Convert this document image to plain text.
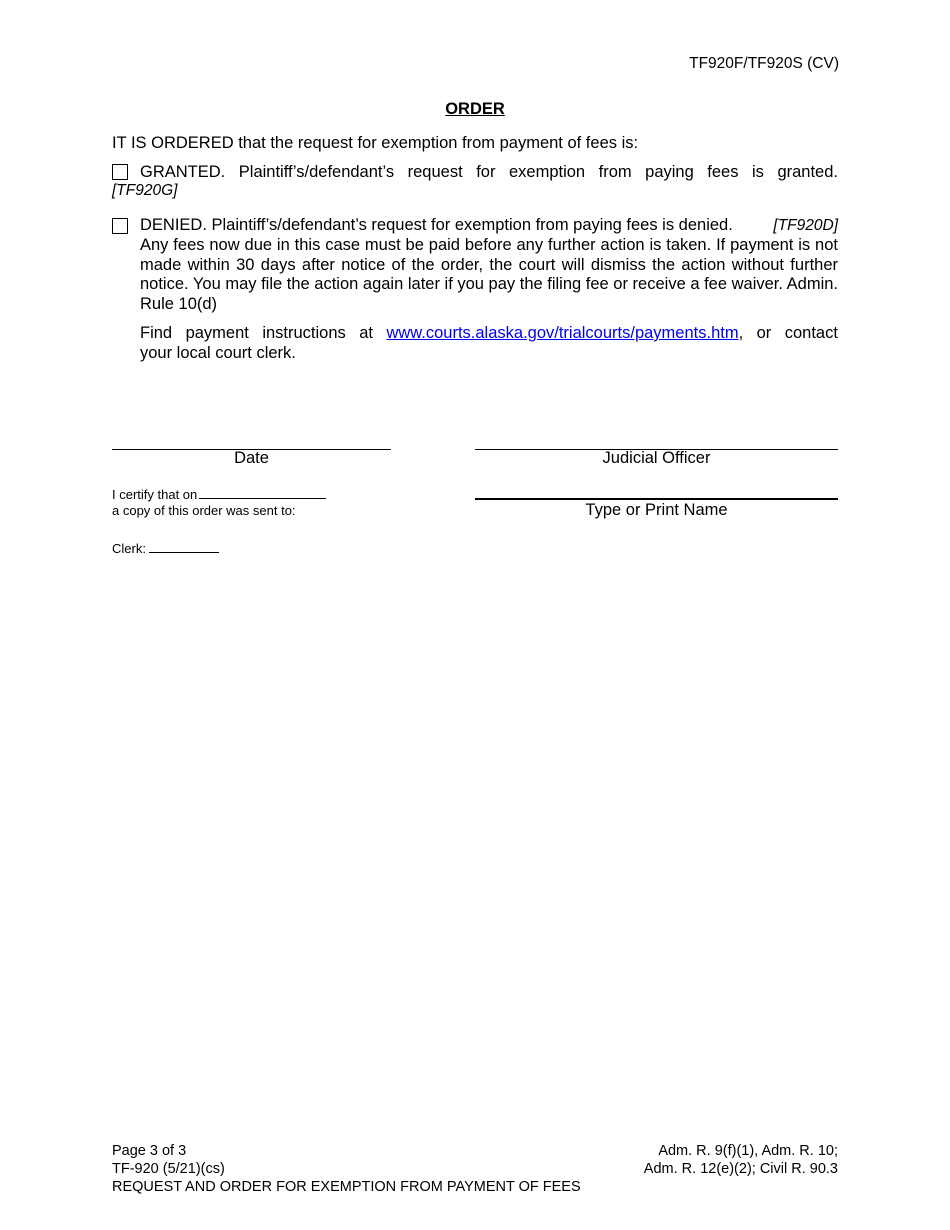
TF920F/TF920S (CV)
ORDER
IT IS ORDERED that the request for exemption from payment of fees is:
GRANTED. Plaintiff’s/defendant’s request for exemption from paying fees is granted.
[TF920G]
DENIED. Plaintiff’s/defendant’s request for exemption from paying fees is denied.	[TF920D]
Any fees now due in this case must be paid before any further action is taken. If payment is not made within 30 days after notice of the order, the court will dismiss the action without further notice. You may file the action again later if you pay the filing fee or receive a fee waiver. Admin. Rule 10(d)
Find payment instructions at www.courts.alaska.gov/trialcourts/payments.htm, or contact
your local court clerk.
Date	Judicial Officer
I certify that on
a copy of this order was sent to:	Type or Print Name
Clerk:
Page 3 of 3
TF-920 (5/21)(cs)
REQUEST AND ORDER FOR EXEMPTION FROM PAYMENT OF FEES
Adm. R. 9(f)(1), Adm. R. 10;
Adm. R. 12(e)(2); Civil R. 90.3
